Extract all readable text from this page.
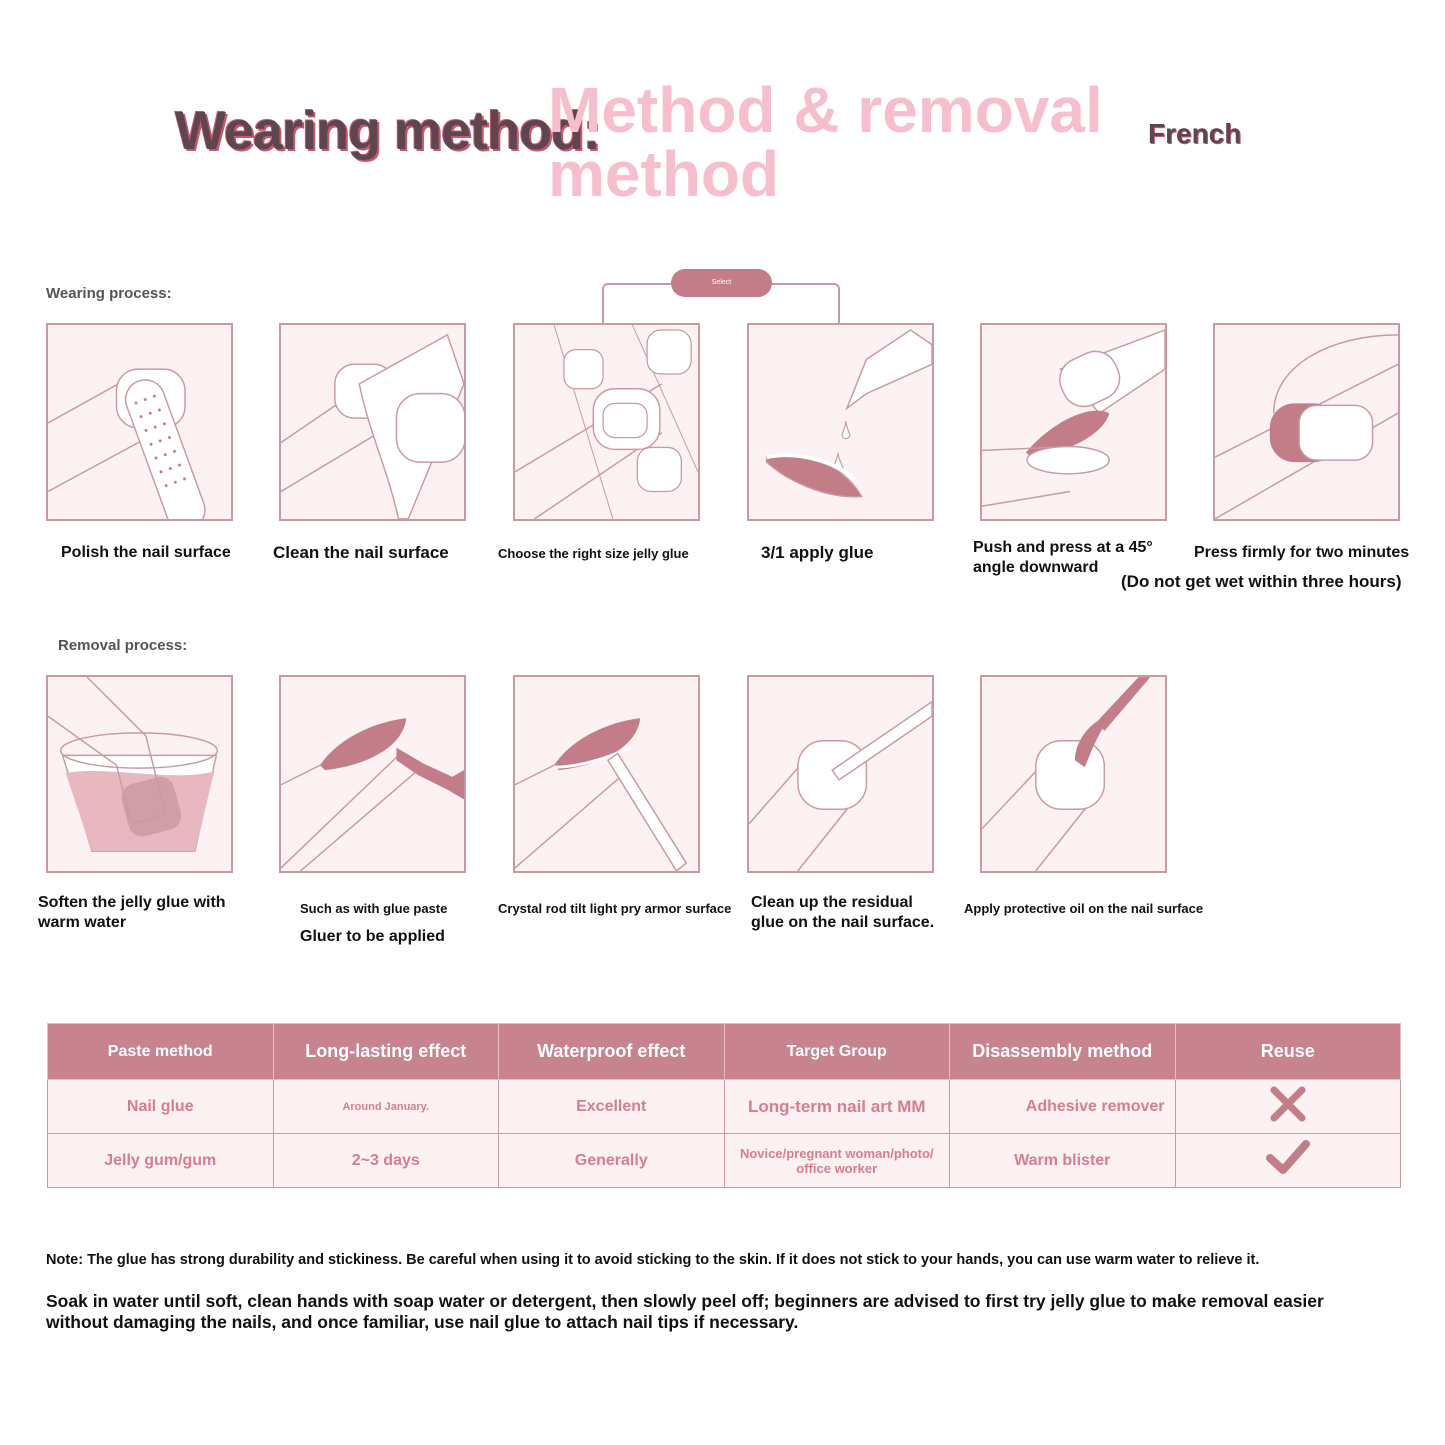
Wearing method:
Method & removal method
French
Wearing process:
Select
Polish the nail surface Clean the nail surface	Choose the right size jelly glue	3/1 apply glue	Push and press at a 45°
angle downward
Press firmly for two minutes
(Do not get wet within three hours)
Removal process:
Soften the jelly glue with
warm water
Such as with glue paste
Gluer to be applied
Crystal rod tilt light pry armor surface Clean up the residual
glue on the nail surface.
Apply protective oil on the nail surface
Paste method	Long-lasting effect	Waterproof effect	Target Group	Disassembly method	Reuse
Nail glue	Around January.	Excellent	Long-term nail art MM	Adhesive remover	
Jelly gum/gum	2~3 days	Generally	Novice/pregnant woman/photo/ office worker	Warm blister	
Note: The glue has strong durability and stickiness. Be careful when using it to avoid sticking to the skin. If it does not stick to your hands, you can use warm water to relieve it.
Soak in water until soft, clean hands with soap water or detergent, then slowly peel off; beginners are advised to first try jelly glue to make removal easier without damaging the nails, and once familiar, use nail glue to attach nail tips if necessary.
